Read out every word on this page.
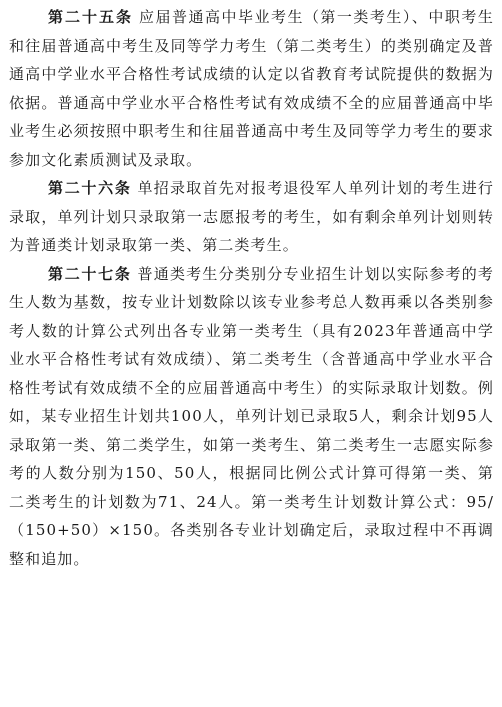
第二十五条 应届普通高中毕业考生（第一类考生）、中职考生和往届普通高中考生及同等学力考生（第二类考生）的类别确定及普通高中学业水平合格性考试成绩的认定以省教育考试院提供的数据为依据。普通高中学业水平合格性考试有效成绩不全的应届普通高中毕业考生必须按照中职考生和往届普通高中考生及同等学力考生的要求参加文化素质测试及录取。

第二十六条 单招录取首先对报考退役军人单列计划的考生进行录取，单列计划只录取第一志愿报考的考生，如有剩余单列计划则转为普通类计划录取第一类、第二类考生。

第二十七条 普通类考生分类别分专业招生计划以实际参考的考生人数为基数，按专业计划数除以该专业参考总人数再乘以各类别参考人数的计算公式列出各专业第一类考生（具有2023年普通高中学业水平合格性考试有效成绩）、第二类考生（含普通高中学业水平合格性考试有效成绩不全的应届普通高中考生）的实际录取计划数。例如，某专业招生计划共100人，单列计划已录取5人，剩余计划95人录取第一类、第二类学生，如第一类考生、第二类考生一志愿实际参考的人数分别为150、50人，根据同比例公式计算可得第一类、第二类考生的计划数为71、24人。第一类考生计划数计算公式：95/（150+50）×150。各类别各专业计划确定后，录取过程中不再调整和追加。
